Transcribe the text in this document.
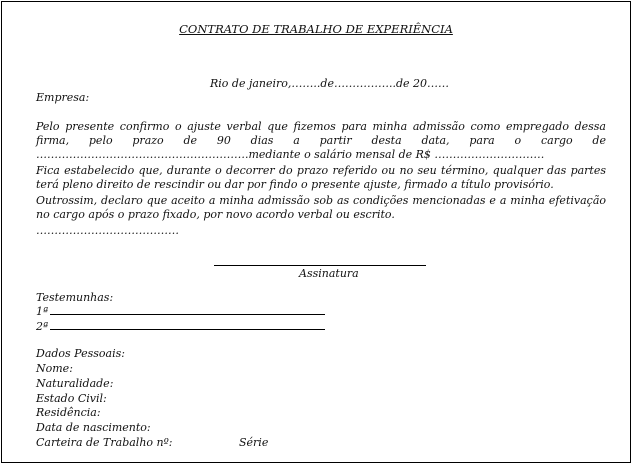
CONTRATO DE TRABALHO DE EXPERIÊNCIA
Rio de janeiro,……..de……………..de 20……
Empresa:
Pelo presente confirmo o ajuste verbal que fizemos para minha admissão como empregado dessa firma, pelo prazo de 90 dias a partir desta data, para o cargo de ………………………………………………….mediante o salário mensal de R$ …………………………
Fica estabelecido que, durante o decorrer do prazo referido ou no seu término, qualquer das partes terá pleno direito de rescindir ou dar por findo o presente ajuste, firmado a título provisório.
Outrossim, declaro que aceito a minha admissão sob as condições mencionadas e a minha efetivação no cargo após o prazo fixado, por novo acordo verbal ou escrito.
…………………………………
Assinatura
Testemunhas:
1ª
2ª
Dados Pessoais:
Nome:
Naturalidade:
Estado Civil:
Residência:
Data de nascimento:
Carteira de Trabalho nº:	Série
